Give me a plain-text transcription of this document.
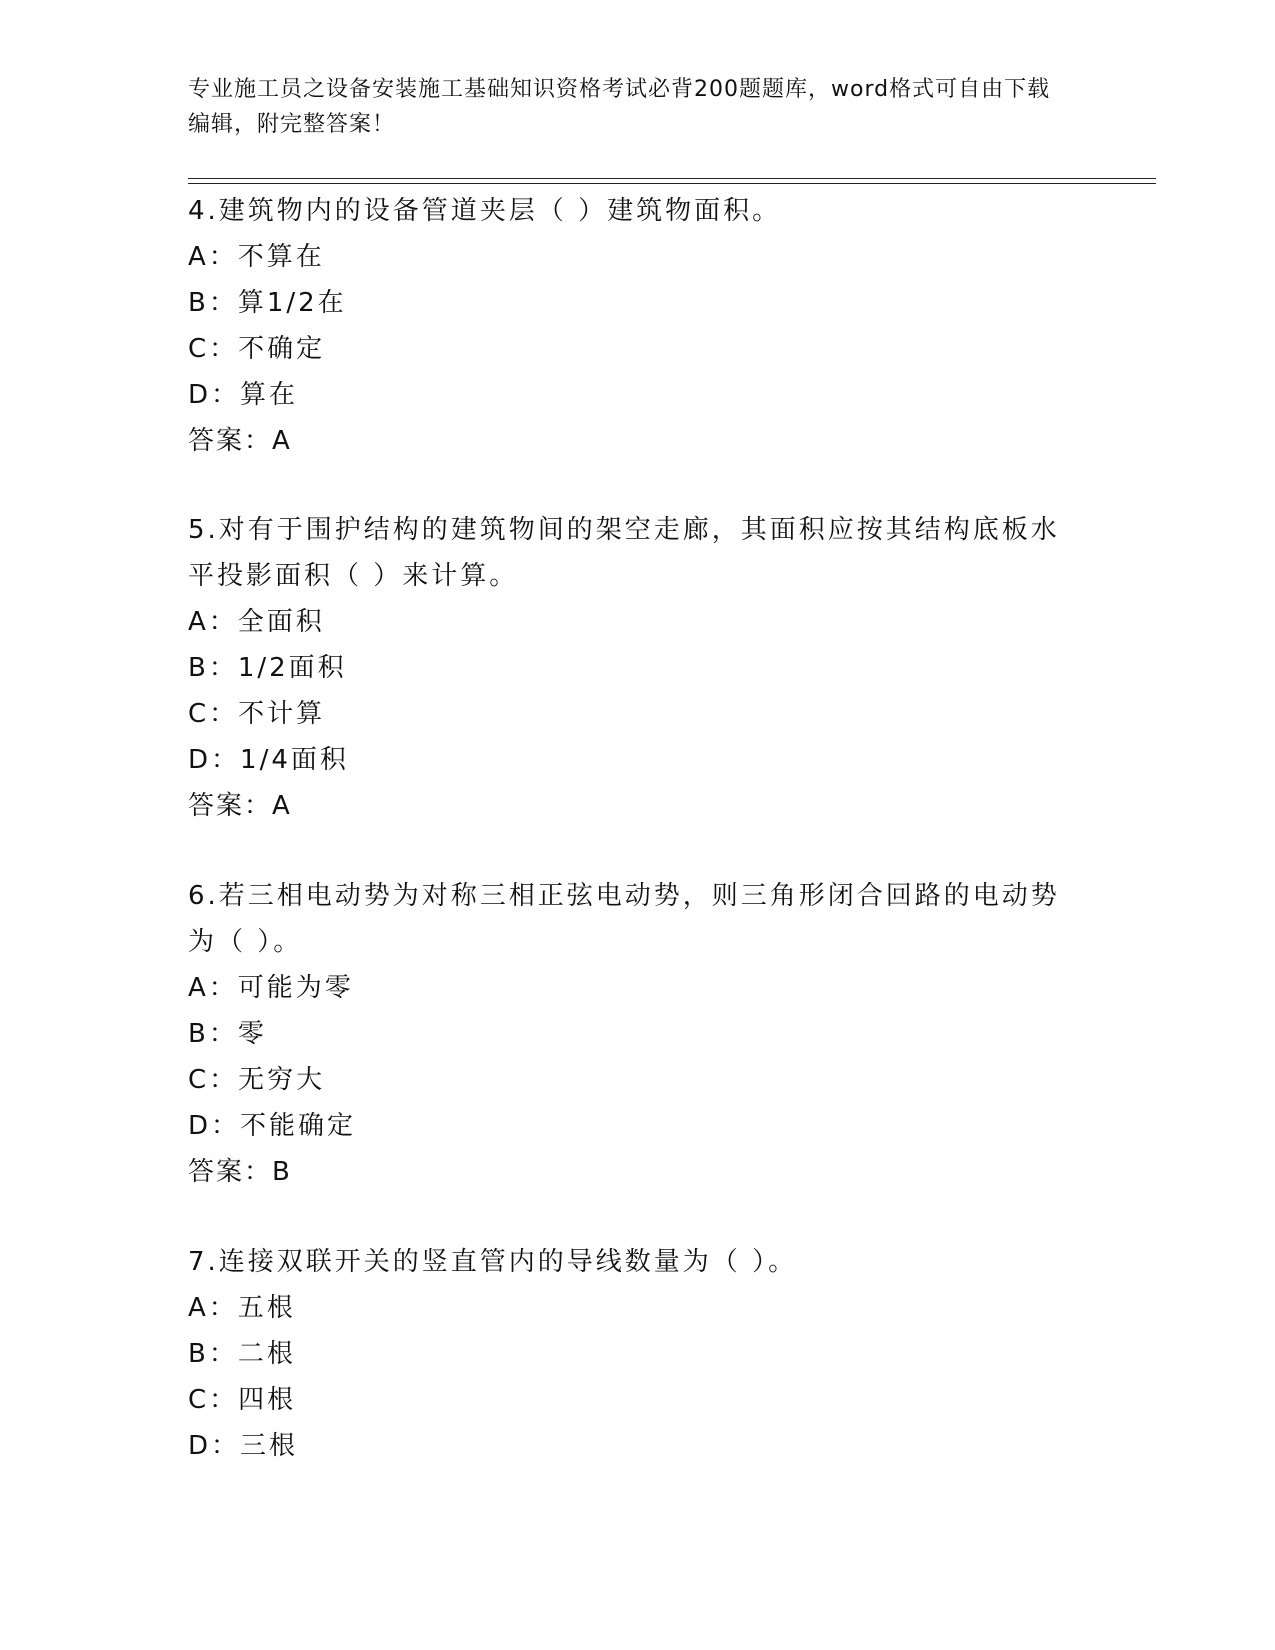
专业施工员之设备安装施工基础知识资格考试必背200题题库，word格式可自由下载编辑，附完整答案！

4.建筑物内的设备管道夹层（ ）建筑物面积。

A：不算在

B：算1/2在

C：不确定

D：算在

答案：A

5.对有于围护结构的建筑物间的架空走廊，其面积应按其结构底板水平投影面积（ ）来计算。

A：全面积

B：1/2面积

C：不计算

D：1/4面积

答案：A

6.若三相电动势为对称三相正弦电动势，则三角形闭合回路的电动势为（ ）。

A：可能为零

B：零

C：无穷大

D：不能确定

答案：B

7.连接双联开关的竖直管内的导线数量为（ ）。

A：五根

B：二根

C：四根

D：三根
